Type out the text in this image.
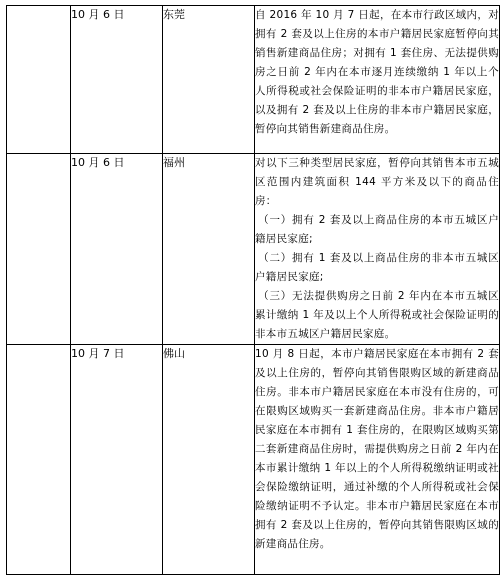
	10 月 6 日	东莞	自 2016 年 10 月 7 日起，在本市行政区域内，对拥有 2 套及以上住房的本市户籍居民家庭暂停向其销售新建商品住房；对拥有 1 套住房、无法提供购房之日前 2 年内在本市逐月连续缴纳 1 年以上个人所得税或社会保险证明的非本市户籍居民家庭，以及拥有 2 套及以上住房的非本市户籍居民家庭，暂停向其销售新建商品住房。

	10 月 6 日	福州	对以下三种类型居民家庭，暂停向其销售本市五城区范围内建筑面积 144 平方米及以下的商品住房：

（一）拥有 2 套及以上商品住房的本市五城区户籍居民家庭;

（二）拥有 1 套及以上商品住房的非本市五城区户籍居民家庭;

（三）无法提供购房之日前 2 年内在本市五城区累计缴纳 1 年及以上个人所得税或社会保险证明的非本市五城区户籍居民家庭。

	10 月 7 日	佛山	10 月 8 日起，本市户籍居民家庭在本市拥有 2 套及以上住房的，暂停向其销售限购区域的新建商品住房。非本市户籍居民家庭在本市没有住房的，可在限购区域购买一套新建商品住房。非本市户籍居民家庭在本市拥有 1 套住房的，在限购区域购买第二套新建商品住房时，需提供购房之日前 2 年内在本市累计缴纳 1 年以上的个人所得税缴纳证明或社会保险缴纳证明，通过补缴的个人所得税或社会保险缴纳证明不予认定。非本市户籍居民家庭在本市拥有 2 套及以上住房的，暂停向其销售限购区域的新建商品住房。
